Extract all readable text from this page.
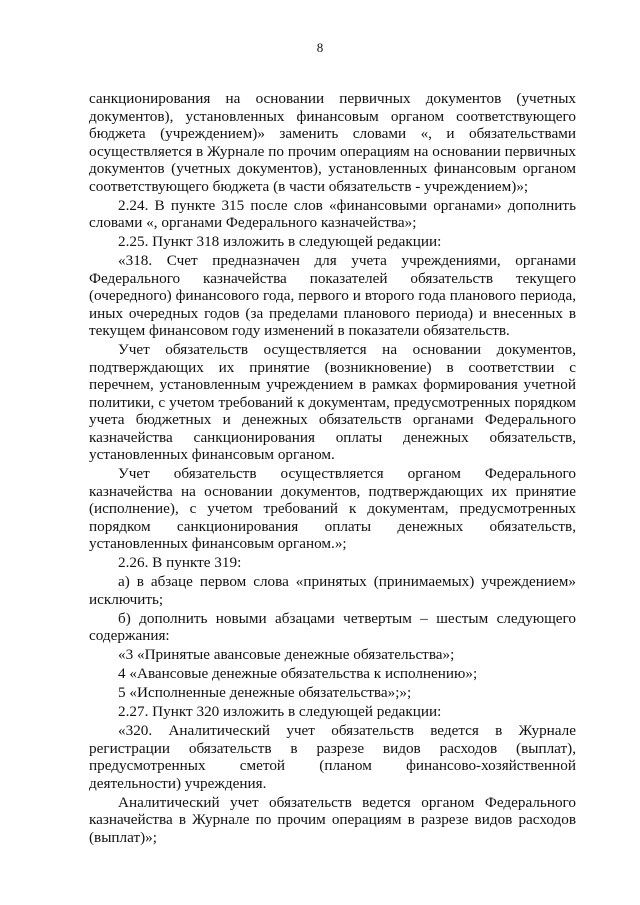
8

санкционирования на основании первичных документов (учетных документов), установленных финансовым органом соответствующего бюджета (учреждением)» заменить словами «, и обязательствами осуществляется в Журнале по прочим операциям на основании первичных документов (учетных документов), установленных финансовым органом соответствующего бюджета (в части обязательств - учреждением)»;

2.24. В пункте 315 после слов «финансовыми органами» дополнить словами «, органами Федерального казначейства»;

2.25. Пункт 318 изложить в следующей редакции:

«318. Счет предназначен для учета учреждениями, органами Федерального казначейства показателей обязательств текущего (очередного) финансового года, первого и второго года планового периода, иных очередных годов (за пределами планового периода) и внесенных в текущем финансовом году изменений в показатели обязательств.

Учет обязательств осуществляется на основании документов, подтверждающих их принятие (возникновение) в соответствии с перечнем, установленным учреждением в рамках формирования учетной политики, с учетом требований к документам, предусмотренных порядком учета бюджетных и денежных обязательств органами Федерального казначейства санкционирования оплаты денежных обязательств, установленных финансовым органом.

Учет обязательств осуществляется органом Федерального казначейства на основании документов, подтверждающих их принятие (исполнение), с учетом требований к документам, предусмотренных порядком санкционирования оплаты денежных обязательств, установленных финансовым органом.»;

2.26. В пункте 319:

а) в абзаце первом слова «принятых (принимаемых) учреждением» исключить;

б) дополнить новыми абзацами четвертым – шестым следующего содержания:

«3 «Принятые авансовые денежные обязательства»;

4 «Авансовые денежные обязательства к исполнению»;

5 «Исполненные денежные обязательства»;»;

2.27. Пункт 320 изложить в следующей редакции:

«320. Аналитический учет обязательств ведется в Журнале регистрации обязательств в разрезе видов расходов (выплат), предусмотренных сметой (планом финансово-хозяйственной деятельности) учреждения.

Аналитический учет обязательств ведется органом Федерального казначейства в Журнале по прочим операциям в разрезе видов расходов (выплат)»;
